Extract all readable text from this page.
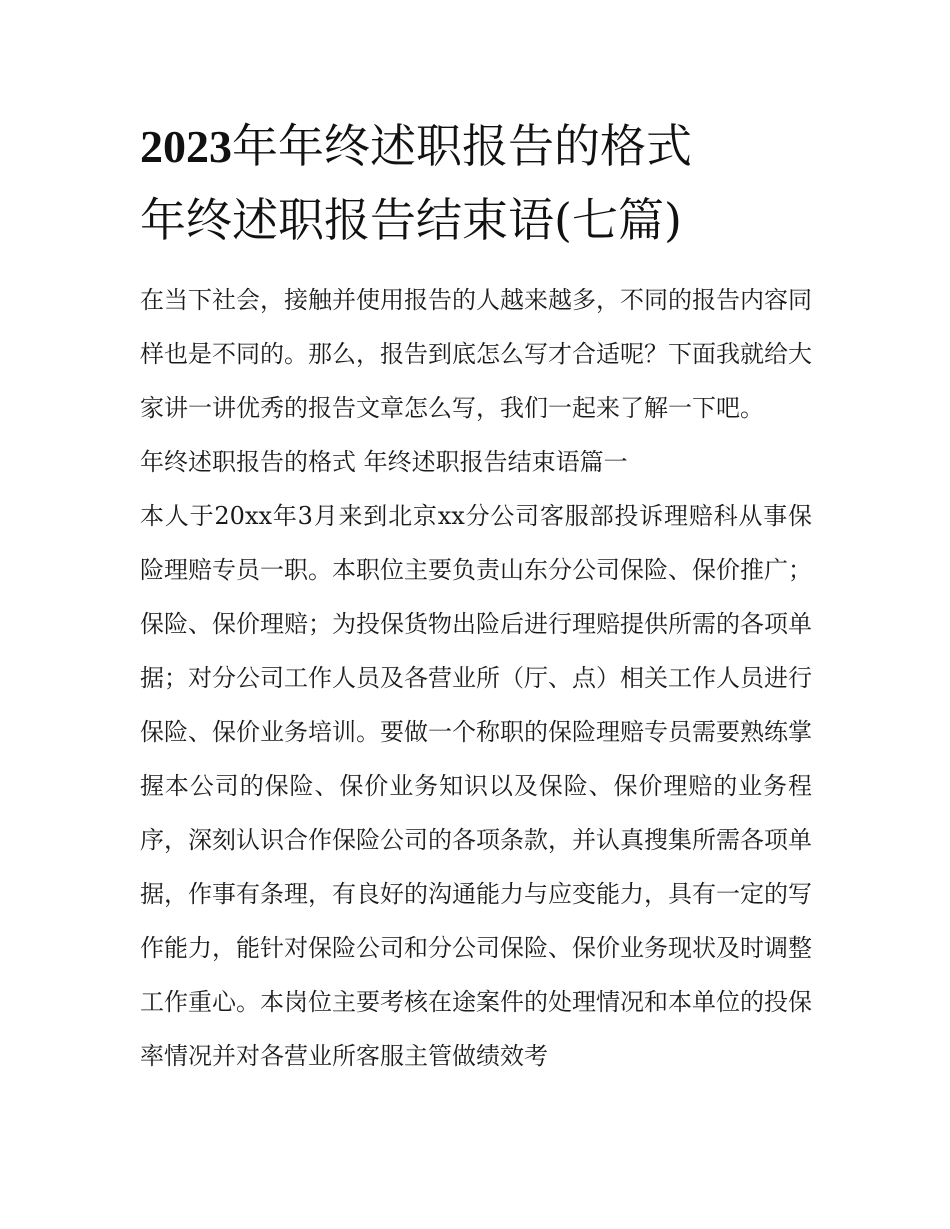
2023年年终述职报告的格式
年终述职报告结束语(七篇)

在当下社会，接触并使用报告的人越来越多，不同的报告内容同样也是不同的。那么，报告到底怎么写才合适呢？下面我就给大家讲一讲优秀的报告文章怎么写，我们一起来了解一下吧。

年终述职报告的格式 年终述职报告结束语篇一

本人于20xx年3月来到北京xx分公司客服部投诉理赔科从事保险理赔专员一职。本职位主要负责山东分公司保险、保价推广；保险、保价理赔；为投保货物出险后进行理赔提供所需的各项单据；对分公司工作人员及各营业所（厅、点）相关工作人员进行保险、保价业务培训。要做一个称职的保险理赔专员需要熟练掌握本公司的保险、保价业务知识以及保险、保价理赔的业务程序，深刻认识合作保险公司的各项条款，并认真搜集所需各项单据，作事有条理，有良好的沟通能力与应变能力，具有一定的写作能力，能针对保险公司和分公司保险、保价业务现状及时调整工作重心。本岗位主要考核在途案件的处理情况和本单位的投保率情况并对各营业所客服主管做绩效考
